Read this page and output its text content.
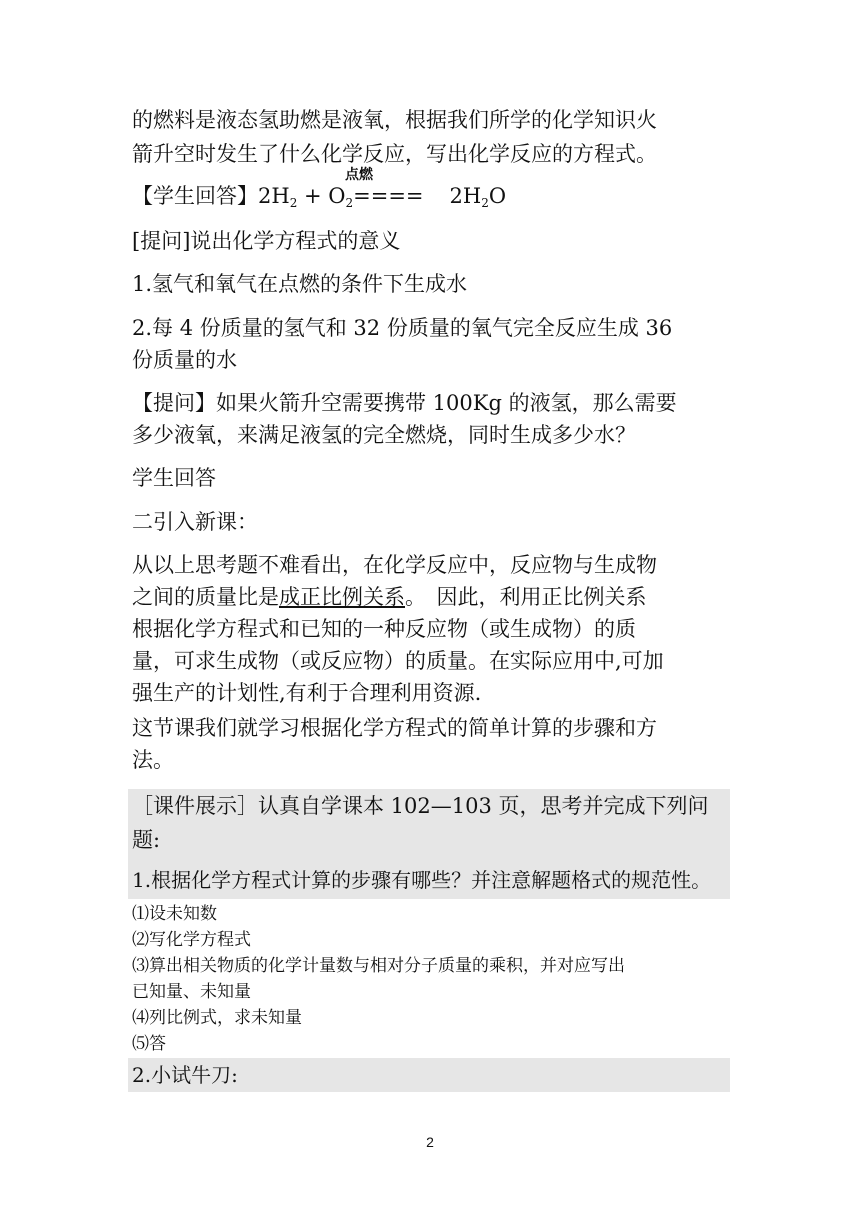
的燃料是液态氢助燃是液氧，根据我们所学的化学知识火

箭升空时发生了什么化学反应，写出化学反应的方程式。

点燃

【学生回答】2H2 + O2==== 2H2O

[提问]说出化学方程式的意义

1.氢气和氧气在点燃的条件下生成水

2.每 4 份质量的氢气和 32 份质量的氧气完全反应生成 36

份质量的水

【提问】如果火箭升空需要携带 100Kg 的液氢，那么需要

多少液氧，来满足液氢的完全燃烧，同时生成多少水？

学生回答

二引入新课：

从以上思考题不难看出，在化学反应中，反应物与生成物

之间的质量比是成正比例关系。　因此，利用正比例关系

根据化学方程式和已知的一种反应物（或生成物）的质

量，可求生成物（或反应物）的质量。在实际应用中,可加

强生产的计划性,有利于合理利用资源.

这节课我们就学习根据化学方程式的简单计算的步骤和方

法。

［课件展示］认真自学课本 102—103 页，思考并完成下列问

题:

1.根据化学方程式计算的步骤有哪些？并注意解题格式的规范性。

⑴设未知数

⑵写化学方程式

⑶算出相关物质的化学计量数与相对分子质量的乘积，并对应写出

已知量、未知量

⑷列比例式，求未知量

⑸答

2.小试牛刀:

2
